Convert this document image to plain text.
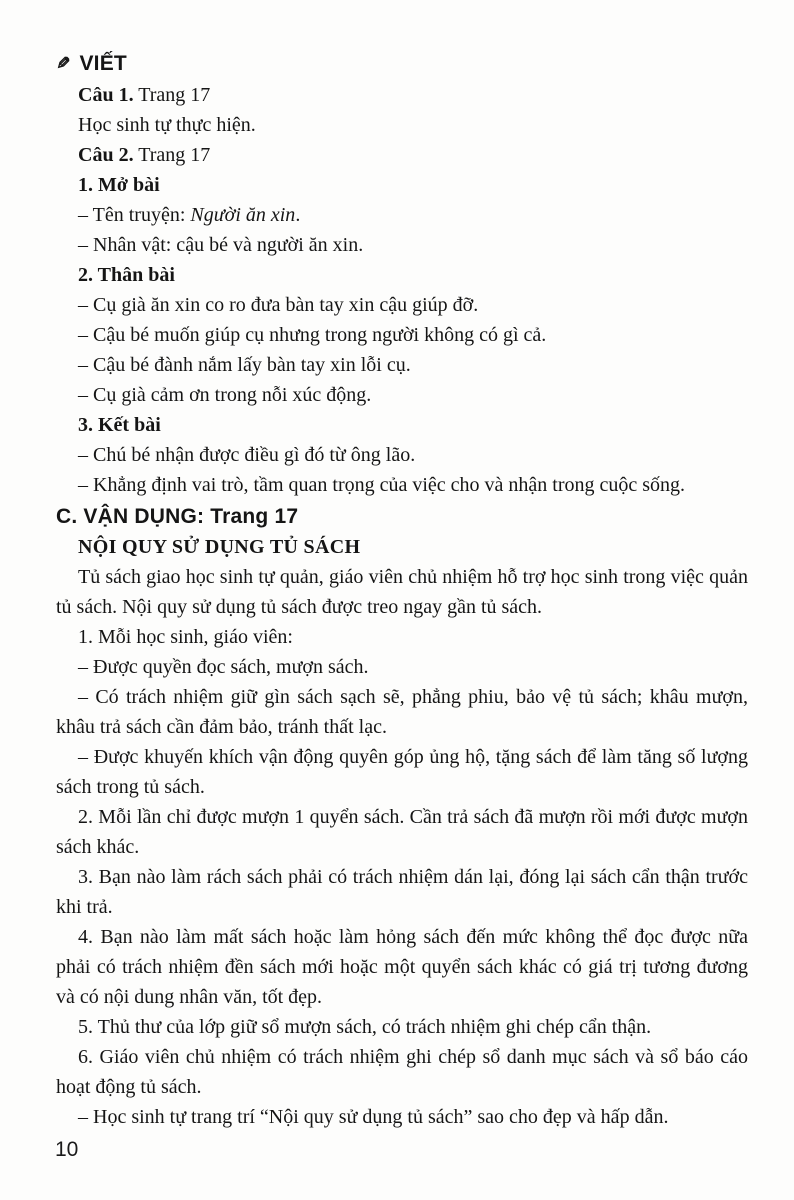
✎ VIẾT

Câu 1. Trang 17

Học sinh tự thực hiện.

Câu 2. Trang 17

1. Mở bài

– Tên truyện: Người ăn xin.

– Nhân vật: cậu bé và người ăn xin.

2. Thân bài

– Cụ già ăn xin co ro đưa bàn tay xin cậu giúp đỡ.

– Cậu bé muốn giúp cụ nhưng trong người không có gì cả.

– Cậu bé đành nắm lấy bàn tay xin lỗi cụ.

– Cụ già cảm ơn trong nỗi xúc động.

3. Kết bài

– Chú bé nhận được điều gì đó từ ông lão.

– Khẳng định vai trò, tầm quan trọng của việc cho và nhận trong cuộc sống.

C. VẬN DỤNG: Trang 17

NỘI QUY SỬ DỤNG TỦ SÁCH

Tủ sách giao học sinh tự quản, giáo viên chủ nhiệm hỗ trợ học sinh trong việc quản tủ sách. Nội quy sử dụng tủ sách được treo ngay gần tủ sách.

1. Mỗi học sinh, giáo viên:

– Được quyền đọc sách, mượn sách.

– Có trách nhiệm giữ gìn sách sạch sẽ, phẳng phiu, bảo vệ tủ sách; khâu mượn, khâu trả sách cần đảm bảo, tránh thất lạc.

– Được khuyến khích vận động quyên góp ủng hộ, tặng sách để làm tăng số lượng sách trong tủ sách.

2. Mỗi lần chỉ được mượn 1 quyển sách. Cần trả sách đã mượn rồi mới được mượn sách khác.

3. Bạn nào làm rách sách phải có trách nhiệm dán lại, đóng lại sách cẩn thận trước khi trả.

4. Bạn nào làm mất sách hoặc làm hỏng sách đến mức không thể đọc được nữa phải có trách nhiệm đền sách mới hoặc một quyển sách khác có giá trị tương đương và có nội dung nhân văn, tốt đẹp.

5. Thủ thư của lớp giữ sổ mượn sách, có trách nhiệm ghi chép cẩn thận.

6. Giáo viên chủ nhiệm có trách nhiệm ghi chép sổ danh mục sách và sổ báo cáo hoạt động tủ sách.

– Học sinh tự trang trí “Nội quy sử dụng tủ sách” sao cho đẹp và hấp dẫn.

10
